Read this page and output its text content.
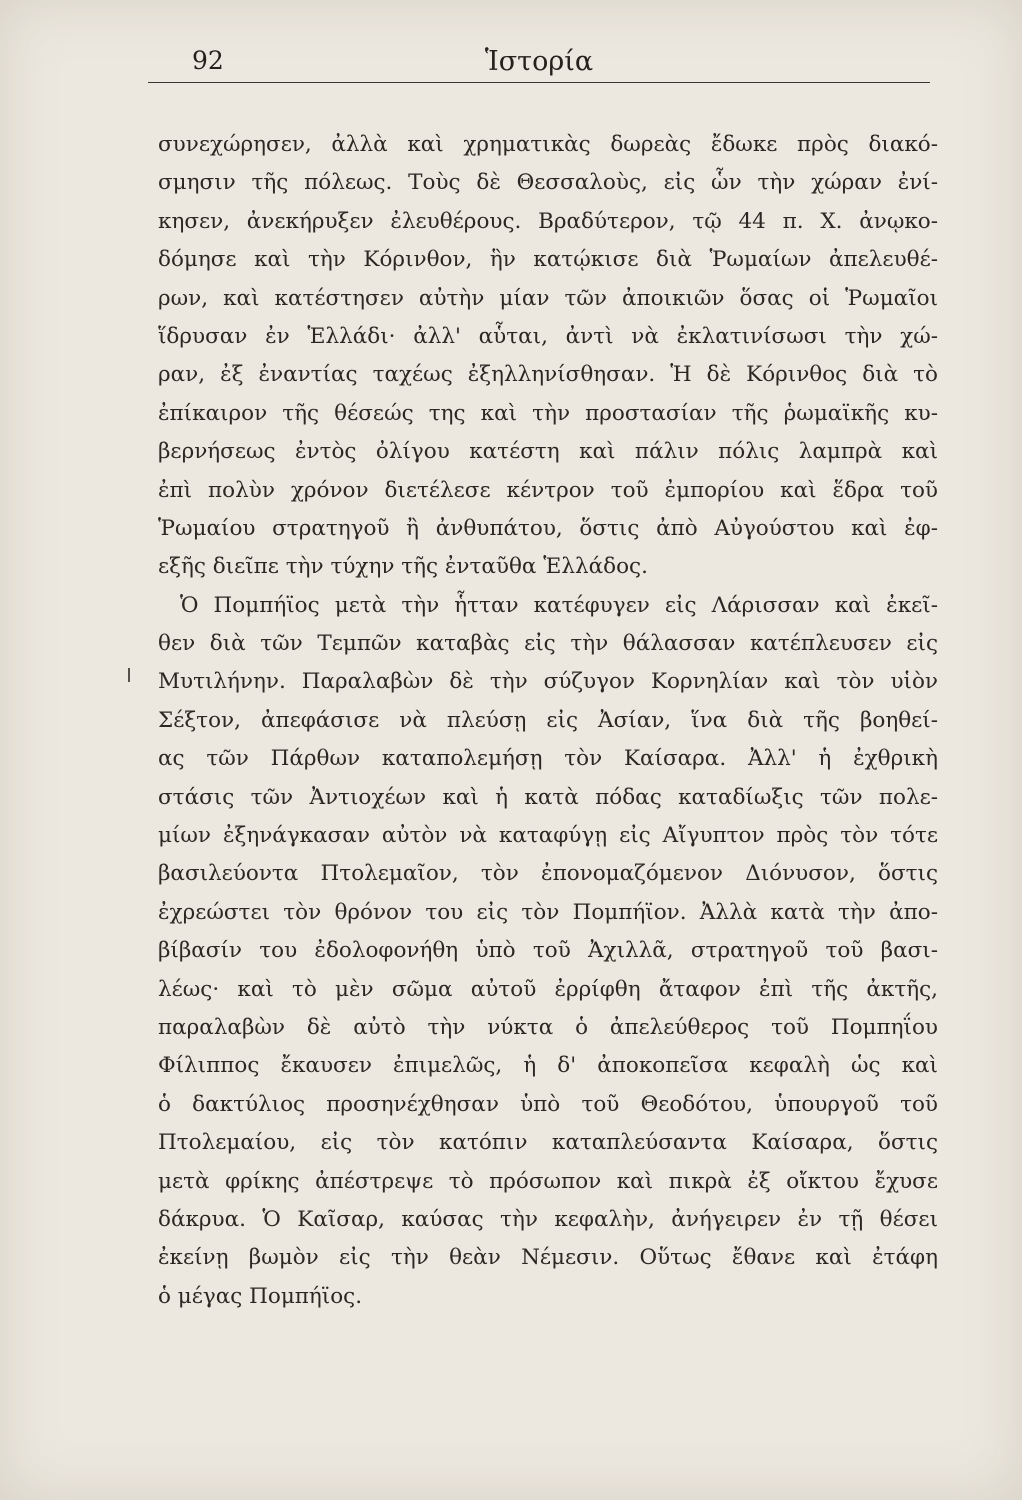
92	Ἱστορία
συνεχώρησεν, ἀλλὰ καὶ χρηματικὰς δωρεὰς ἔδωκε πρὸς διακό-
σμησιν τῆς πόλεως. Τοὺς δὲ Θεσσαλοὺς, εἰς ὧν τὴν χώραν ἐνί-
κησεν, ἀνεκήρυξεν ἐλευθέρους. Βραδύτερον, τῷ 44 π. Χ. ἀνῳκο-
δόμησε καὶ τὴν Κόρινθον, ἣν κατῴκισε διὰ Ῥωμαίων ἀπελευθέ-
ρων, καὶ κατέστησεν αὐτὴν μίαν τῶν ἀποικιῶν ὅσας οἱ Ῥωμαῖοι
ἵδρυσαν ἐν Ἑλλάδι· ἀλλ' αὗται, ἀντὶ νὰ ἐκλατινίσωσι τὴν χώ-
ραν, ἐξ ἐναντίας ταχέως ἐξηλληνίσθησαν. Ἡ δὲ Κόρινθος διὰ τὸ
ἐπίκαιρον τῆς θέσεώς της καὶ τὴν προστασίαν τῆς ῥωμαϊκῆς κυ-
βερνήσεως ἐντὸς ὀλίγου κατέστη καὶ πάλιν πόλις λαμπρὰ καὶ
ἐπὶ πολὺν χρόνον διετέλεσε κέντρον τοῦ ἐμπορίου καὶ ἕδρα τοῦ
Ῥωμαίου στρατηγοῦ ἢ ἀνθυπάτου, ὅστις ἀπὸ Αὐγούστου καὶ ἐφ-
εξῆς διεῖπε τὴν τύχην τῆς ἐνταῦθα Ἑλλάδος.
Ὁ Πομπήϊος μετὰ τὴν ἧτταν κατέφυγεν εἰς Λάρισσαν καὶ ἐκεῖ-
θεν διὰ τῶν Τεμπῶν καταβὰς εἰς τὴν θάλασσαν κατέπλευσεν εἰς
Μυτιλήνην. Παραλαβὼν δὲ τὴν σύζυγον Κορνηλίαν καὶ τὸν υἱὸν
Σέξτον, ἀπεφάσισε νὰ πλεύσῃ εἰς Ἀσίαν, ἵνα διὰ τῆς βοηθεί-
ας τῶν Πάρθων καταπολεμήσῃ τὸν Καίσαρα. Ἀλλ' ἡ ἐχθρικὴ
στάσις τῶν Ἀντιοχέων καὶ ἡ κατὰ πόδας καταδίωξις τῶν πολε-
μίων ἐξηνάγκασαν αὐτὸν νὰ καταφύγῃ εἰς Αἴγυπτον πρὸς τὸν τότε
βασιλεύοντα Πτολεμαῖον, τὸν ἐπονομαζόμενον Διόνυσον, ὅστις
ἐχρεώστει τὸν θρόνον του εἰς τὸν Πομπήϊον. Ἀλλὰ κατὰ τὴν ἀπο-
βίβασίν του ἐδολοφονήθη ὑπὸ τοῦ Ἀχιλλᾶ, στρατηγοῦ τοῦ βασι-
λέως· καὶ τὸ μὲν σῶμα αὐτοῦ ἐρρίφθη ἄταφον ἐπὶ τῆς ἀκτῆς,
παραλαβὼν δὲ αὐτὸ τὴν νύκτα ὁ ἀπελεύθερος τοῦ Πομπηΐου
Φίλιππος ἔκαυσεν ἐπιμελῶς, ἡ δ' ἀποκοπεῖσα κεφαλὴ ὡς καὶ
ὁ δακτύλιος προσηνέχθησαν ὑπὸ τοῦ Θεοδότου, ὑπουργοῦ τοῦ
Πτολεμαίου, εἰς τὸν κατόπιν καταπλεύσαντα Καίσαρα, ὅστις
μετὰ φρίκης ἀπέστρεψε τὸ πρόσωπον καὶ πικρὰ ἐξ οἴκτου ἔχυσε
δάκρυα. Ὁ Καῖσαρ, καύσας τὴν κεφαλὴν, ἀνήγειρεν ἐν τῇ θέσει
ἐκείνῃ βωμὸν εἰς τὴν θεὰν Νέμεσιν. Οὕτως ἔθανε καὶ ἐτάφη
ὁ μέγας Πομπήϊος.
